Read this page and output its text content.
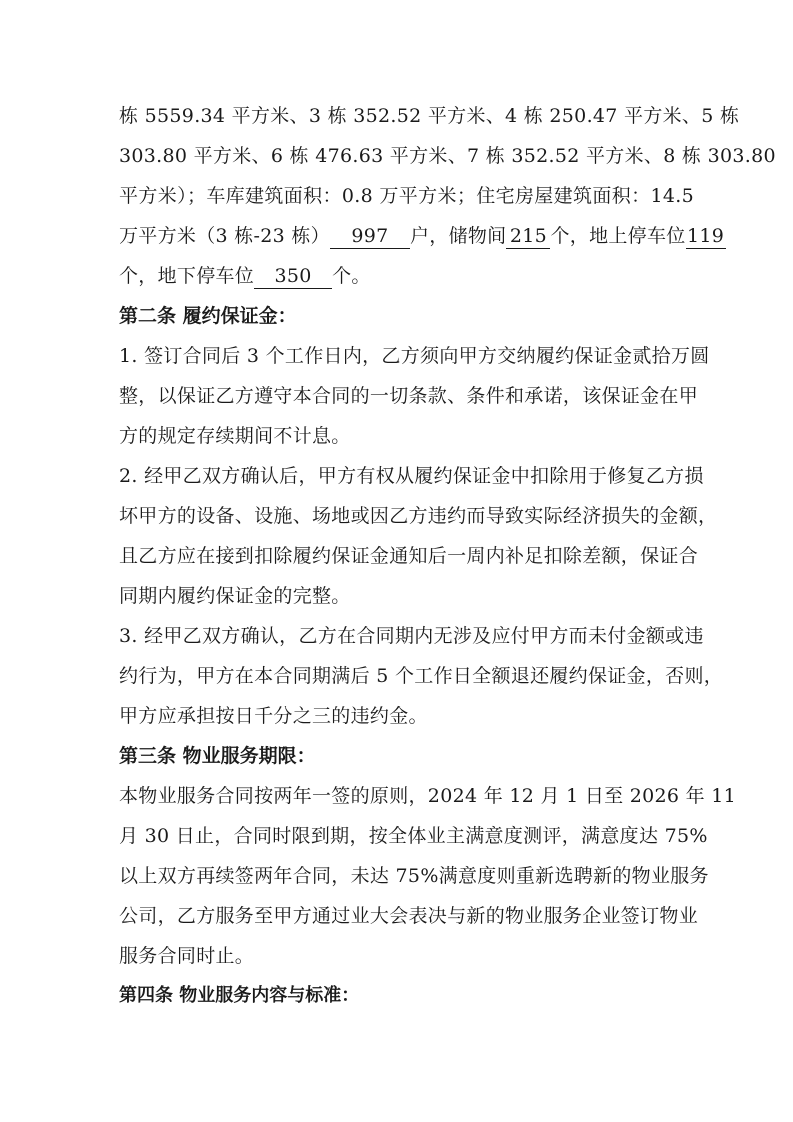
栋 5559.34 平方米、3 栋 352.52 平方米、4 栋 250.47 平方米、5 栋
303.80 平方米、6 栋 476.63 平方米、7 栋 352.52 平方米、8 栋 303.80
平方米）；车库建筑面积：0.8 万平方米；住宅房屋建筑面积：14.5
万平方米（3 栋-23 栋） 997 户，储物间 215 个，地上停车位119
个，地下停车位 350 个。
第二条 履约保证金：
1. 签订合同后 3 个工作日内，乙方须向甲方交纳履约保证金贰拾万圆
整，以保证乙方遵守本合同的一切条款、条件和承诺，该保证金在甲
方的规定存续期间不计息。
2. 经甲乙双方确认后，甲方有权从履约保证金中扣除用于修复乙方损
坏甲方的设备、设施、场地或因乙方违约而导致实际经济损失的金额，
且乙方应在接到扣除履约保证金通知后一周内补足扣除差额，保证合
同期内履约保证金的完整。
3. 经甲乙双方确认，乙方在合同期内无涉及应付甲方而未付金额或违
约行为，甲方在本合同期满后 5 个工作日全额退还履约保证金，否则，
甲方应承担按日千分之三的违约金。
第三条 物业服务期限：
本物业服务合同按两年一签的原则，2024 年 12 月 1 日至 2026 年 11
月 30 日止，合同时限到期，按全体业主满意度测评，满意度达 75%
以上双方再续签两年合同，未达 75%满意度则重新选聘新的物业服务
公司，乙方服务至甲方通过业大会表决与新的物业服务企业签订物业
服务合同时止。
第四条 物业服务内容与标准：
